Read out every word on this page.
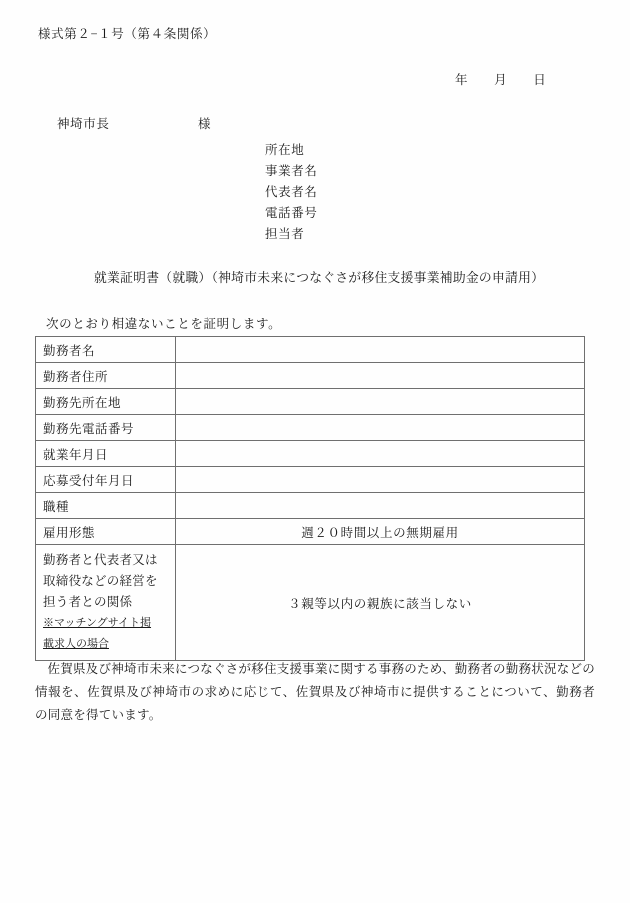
様式第２−１号（第４条関係）
年 月 日
神埼市長	様
所在地
事業者名
代表者名
電話番号
担当者
就業証明書（就職）（神埼市未来につなぐさが移住支援事業補助金の申請用）
次のとおり相違ないことを証明します。
勤務者名	
勤務者住所	
勤務先所在地	
勤務先電話番号	
就業年月日	
応募受付年月日	
職種	
雇用形態	週２０時間以上の無期雇用

勤務者と代表者又は
取締役などの経営を
担う者との関係
※マッチングサイト掲
載求人の場合	３親等以内の親族に該当しない
佐賀県及び神埼市未来につなぐさが移住支援事業に関する事務のため、勤務者の勤務状況などの情報を、佐賀県及び神埼市の求めに応じて、佐賀県及び神埼市に提供することについて、勤務者の同意を得ています。
